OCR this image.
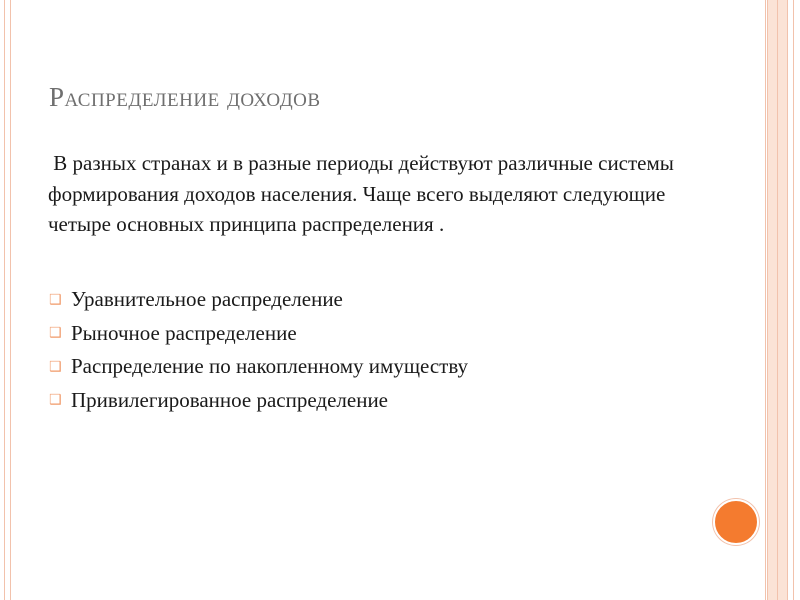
Распределение доходов

В разных странах и в разные периоды действуют различные системы формирования доходов населения. Чаще всего выделяют следующие четыре основных принципа распределения .

❑ Уравнительное распределение
❑ Рыночное распределение
❑ Распределение по накопленному имуществу
❑ Привилегированное распределение
